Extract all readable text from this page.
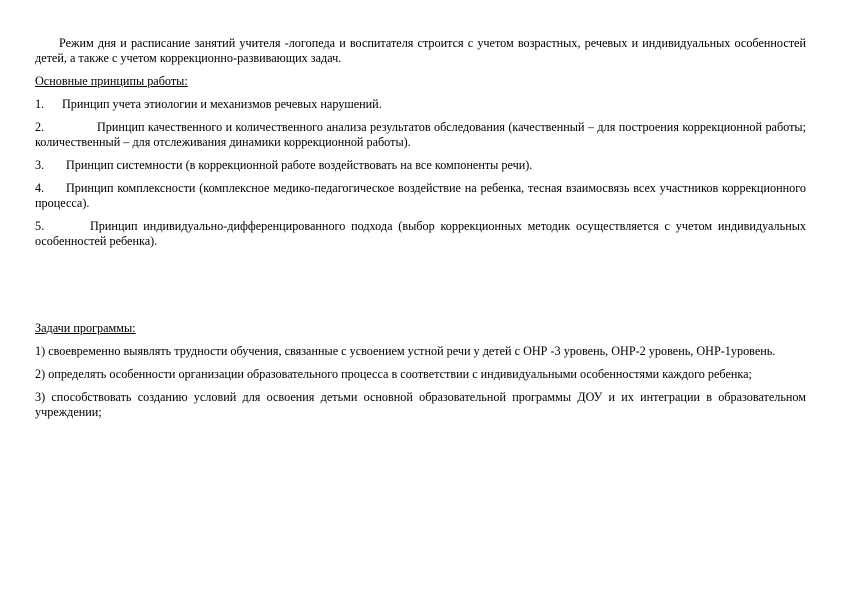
Режим дня и расписание занятий учителя -логопеда и воспитателя строится с учетом возрастных, речевых и индивидуальных особенностей детей, а также с учетом коррекционно-развивающих задач.

Основные принципы работы:

1. Принцип учета этиологии и механизмов речевых нарушений.

2.	Принцип качественного и количественного анализа результатов обследования (качественный – для построения коррекционной работы; количественный – для отслеживания динамики коррекционной работы).

3. Принцип системности (в коррекционной работе воздействовать на все компоненты речи).

4. Принцип комплексности (комплексное медико-педагогическое воздействие на ребенка, тесная взаимосвязь всех участников коррекционного процесса).

5.	Принцип индивидуально-дифференцированного подхода (выбор коррекционных методик осуществляется с учетом индивидуальных особенностей ребенка).

Задачи программы:

1) своевременно выявлять трудности обучения, связанные с усвоением устной речи у детей с ОНР -3 уровень, ОНР-2 уровень, ОНР-1уровень.

2) определять особенности организации образовательного процесса в соответствии с индивидуальными особенностями каждого ребенка;

3) способствовать созданию условий для освоения детьми основной образовательной программы ДОУ и их интеграции в образовательном учреждении;
